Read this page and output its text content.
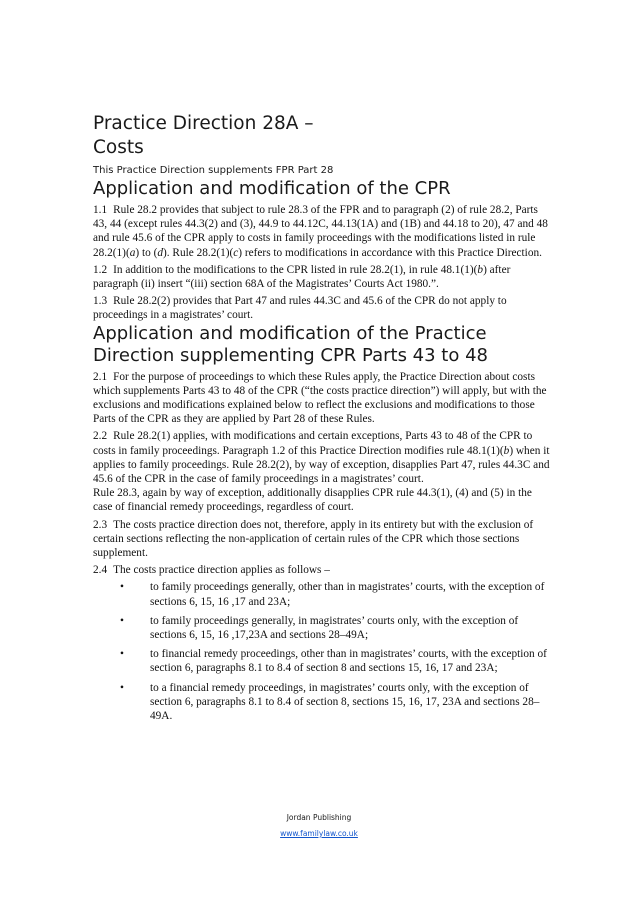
Practice Direction 28A –
Costs

This Practice Direction supplements FPR Part 28

Application and modification of the CPR

1.1 Rule 28.2 provides that subject to rule 28.3 of the FPR and to paragraph (2) of rule 28.2, Parts 43, 44 (except rules 44.3(2) and (3), 44.9 to 44.12C, 44.13(1A) and (1B) and 44.18 to 20), 47 and 48 and rule 45.6 of the CPR apply to costs in family proceedings with the modifications listed in rule 28.2(1)(a) to (d). Rule 28.2(1)(c) refers to modifications in accordance with this Practice Direction.

1.2 In addition to the modifications to the CPR listed in rule 28.2(1), in rule 48.1(1)(b) after paragraph (ii) insert “(iii) section 68A of the Magistrates’ Courts Act 1980.”.

1.3 Rule 28.2(2) provides that Part 47 and rules 44.3C and 45.6 of the CPR do not apply to proceedings in a magistrates’ court.

Application and modification of the Practice Direction supplementing CPR Parts 43 to 48

2.1 For the purpose of proceedings to which these Rules apply, the Practice Direction about costs which supplements Parts 43 to 48 of the CPR (“the costs practice direction”) will apply, but with the exclusions and modifications explained below to reflect the exclusions and modifications to those Parts of the CPR as they are applied by Part 28 of these Rules.

2.2 Rule 28.2(1) applies, with modifications and certain exceptions, Parts 43 to 48 of the CPR to costs in family proceedings. Paragraph 1.2 of this Practice Direction modifies rule 48.1(1)(b) when it applies to family proceedings. Rule 28.2(2), by way of exception, disapplies Part 47, rules 44.3C and 45.6 of the CPR in the case of family proceedings in a magistrates’ court.
Rule 28.3, again by way of exception, additionally disapplies CPR rule 44.3(1), (4) and (5) in the case of financial remedy proceedings, regardless of court.

2.3 The costs practice direction does not, therefore, apply in its entirety but with the exclusion of certain sections reflecting the non-application of certain rules of the CPR which those sections supplement.

2.4 The costs practice direction applies as follows –

• to family proceedings generally, other than in magistrates’ courts, with the exception of sections 6, 15, 16 ,17 and 23A;
• to family proceedings generally, in magistrates’ courts only, with the exception of sections 6, 15, 16 ,17,23A and sections 28–49A;
• to financial remedy proceedings, other than in magistrates’ courts, with the exception of section 6, paragraphs 8.1 to 8.4 of section 8 and sections 15, 16, 17 and 23A;
• to a financial remedy proceedings, in magistrates’ courts only, with the exception of section 6, paragraphs 8.1 to 8.4 of section 8, sections 15, 16, 17, 23A and sections 28–49A.
Jordan Publishing
www.familylaw.co.uk
